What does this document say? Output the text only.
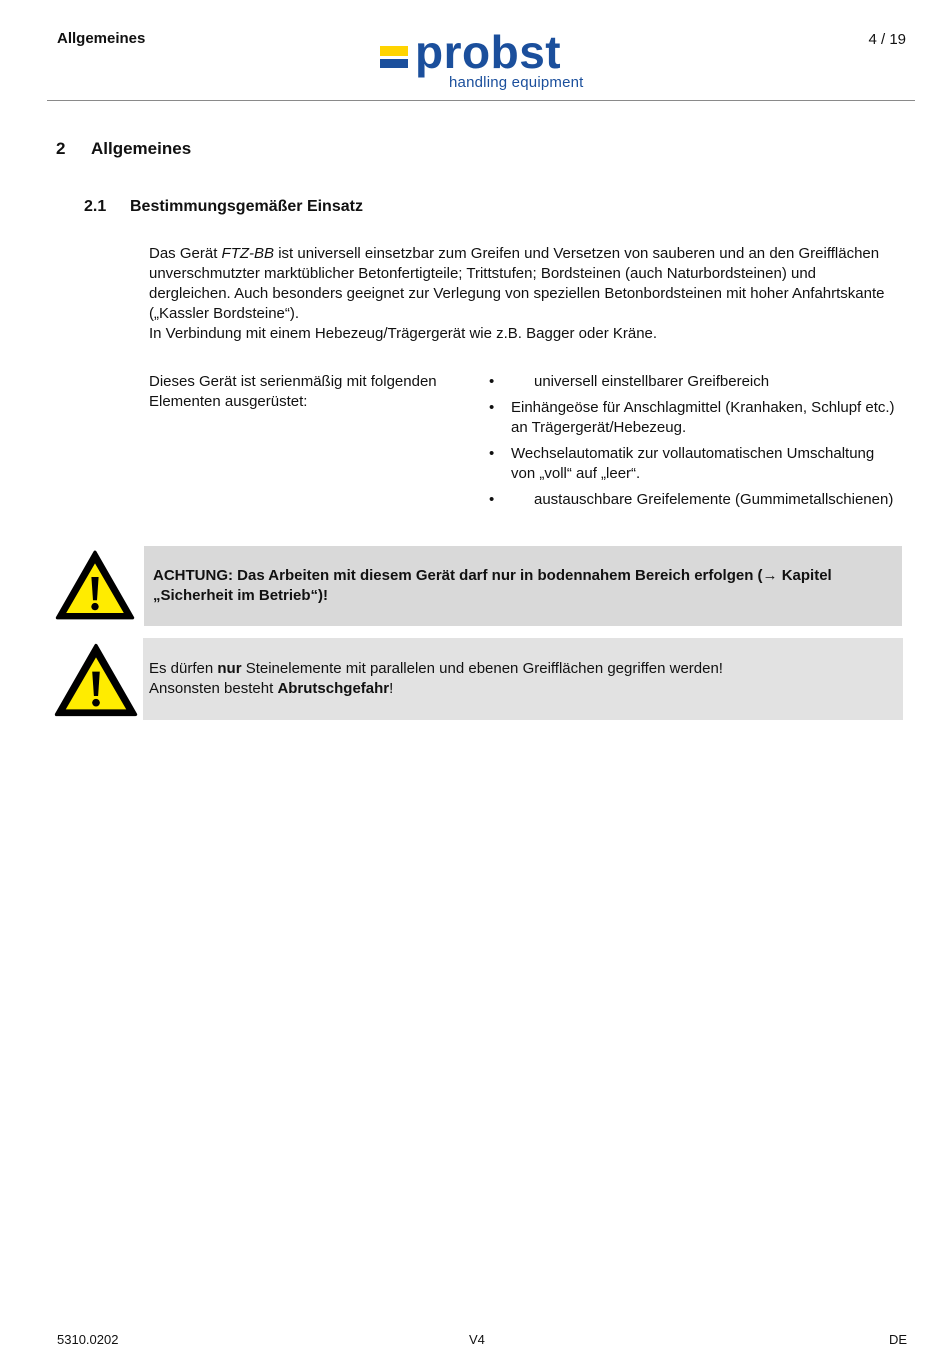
Allgemeines	probst
handling equipment
4 / 19
2 Allgemeines
2.1 Bestimmungsgemäßer Einsatz

Das Gerät FTZ-BB ist universell einsetzbar zum Greifen und Versetzen von sauberen und an den Greifflächen unverschmutzter marktüblicher Betonfertigteile; Trittstufen; Bordsteinen (auch Naturbordsteinen) und dergleichen. Auch besonders geeignet zur Verlegung von speziellen Betonbordsteinen mit hoher Anfahrtskante („Kassler Bordsteine“).

In Verbindung mit einem Hebezeug/Trägergerät wie z.B. Bagger oder Kräne.

Dieses Gerät ist serienmäßig mit folgenden Elementen ausgerüstet:
•	universell einstellbarer Greifbereich
• Einhängeöse für Anschlagmittel (Kranhaken, Schlupf etc.) an Trägergerät/Hebezeug.
• Wechselautomatik zur vollautomatischen Umschaltung von „voll“ auf „leer“.
•	austauschbare Greifelemente (Gummimetallschienen)
ACHTUNG: Das Arbeiten mit diesem Gerät darf nur in bodennahem Bereich erfolgen (→ Kapitel „Sicherheit im Betrieb“)!
Es dürfen nur Steinelemente mit parallelen und ebenen Greifflächen gegriffen werden!
Ansonsten besteht Abrutschgefahr!
5310.0202	V4	DE
